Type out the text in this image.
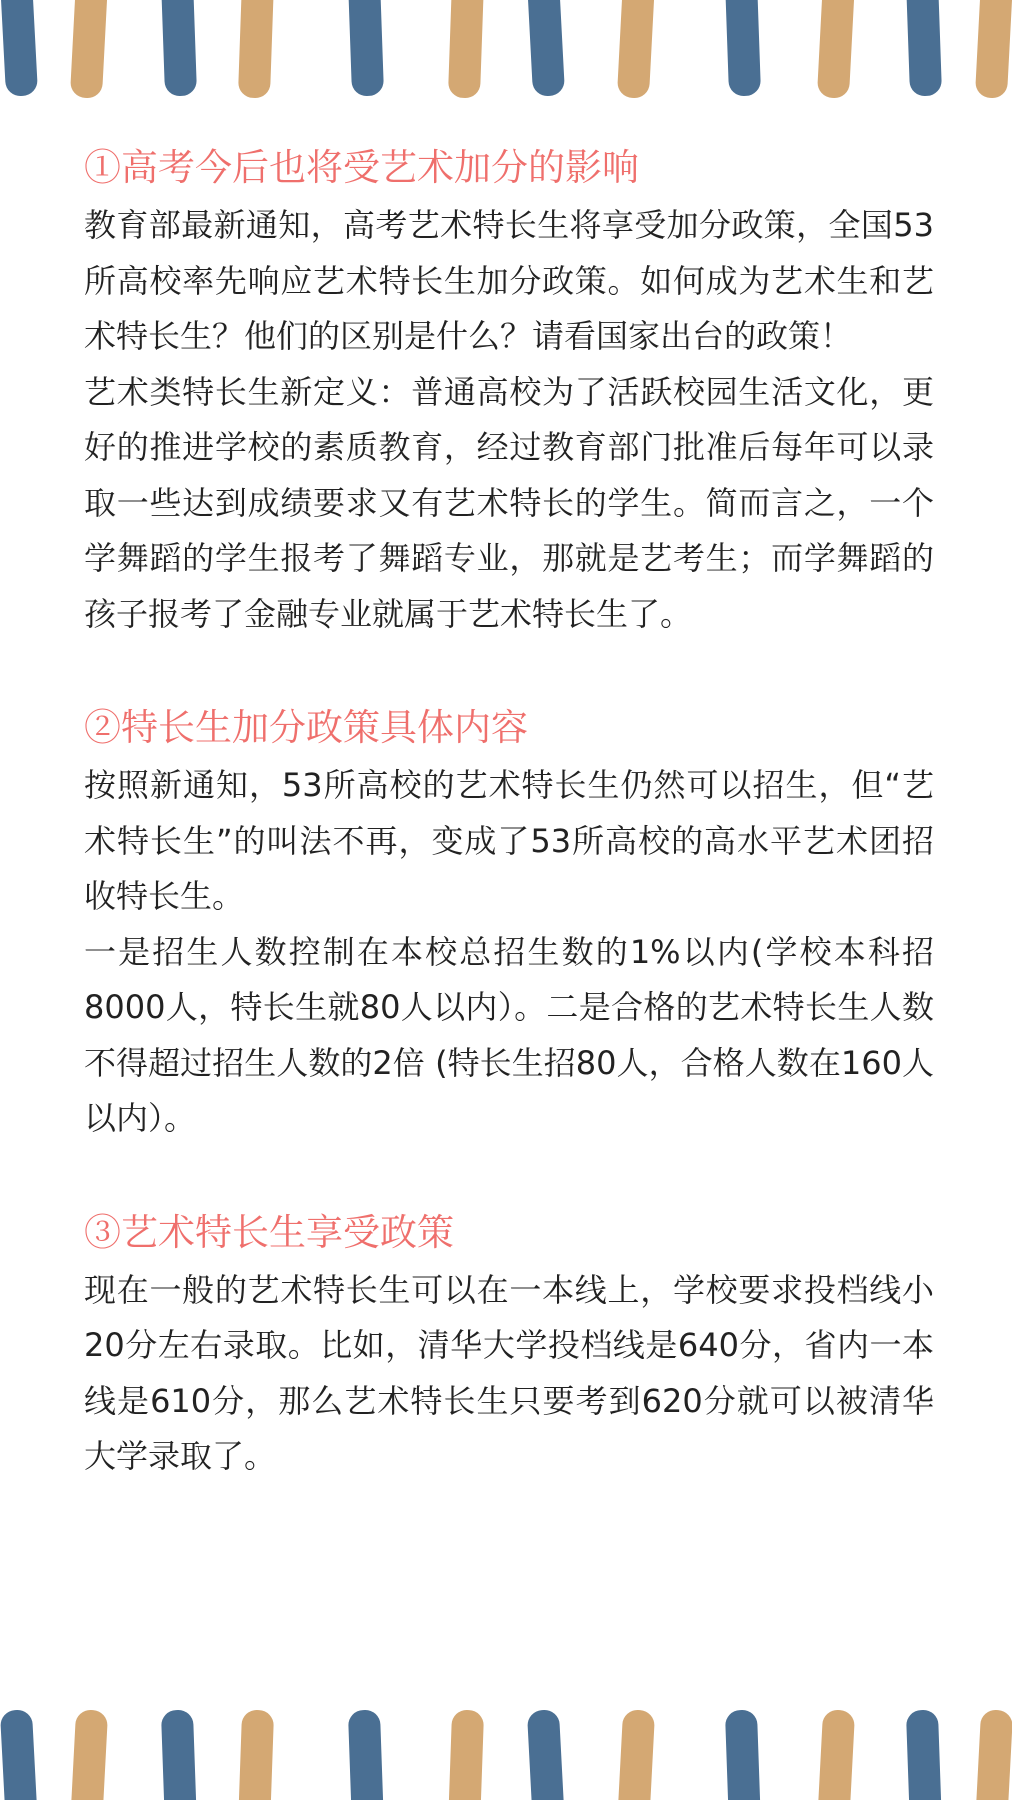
①高考今后也将受艺术加分的影响

教育部最新通知，高考艺术特长生将享受加分政策，全国53所高校率先响应艺术特长生加分政策。如何成为艺术生和艺术特长生？他们的区别是什么？请看国家出台的政策！

艺术类特长生新定义：普通高校为了活跃校园生活文化，更好的推进学校的素质教育，经过教育部门批准后每年可以录取一些达到成绩要求又有艺术特长的学生。简而言之，一个学舞蹈的学生报考了舞蹈专业，那就是艺考生；而学舞蹈的孩子报考了金融专业就属于艺术特长生了。

②特长生加分政策具体内容

按照新通知，53所高校的艺术特长生仍然可以招生，但“艺术特长生”的叫法不再，变成了53所高校的高水平艺术团招收特长生。

一是招生人数控制在本校总招生数的1%以内(学校本科招8000人，特长生就80人以内）。二是合格的艺术特长生人数不得超过招生人数的2倍 (特长生招80人，合格人数在160人以内）。

③艺术特长生享受政策

现在一般的艺术特长生可以在一本线上，学校要求投档线小20分左右录取。比如，清华大学投档线是640分，省内一本线是610分，那么艺术特长生只要考到620分就可以被清华大学录取了。
